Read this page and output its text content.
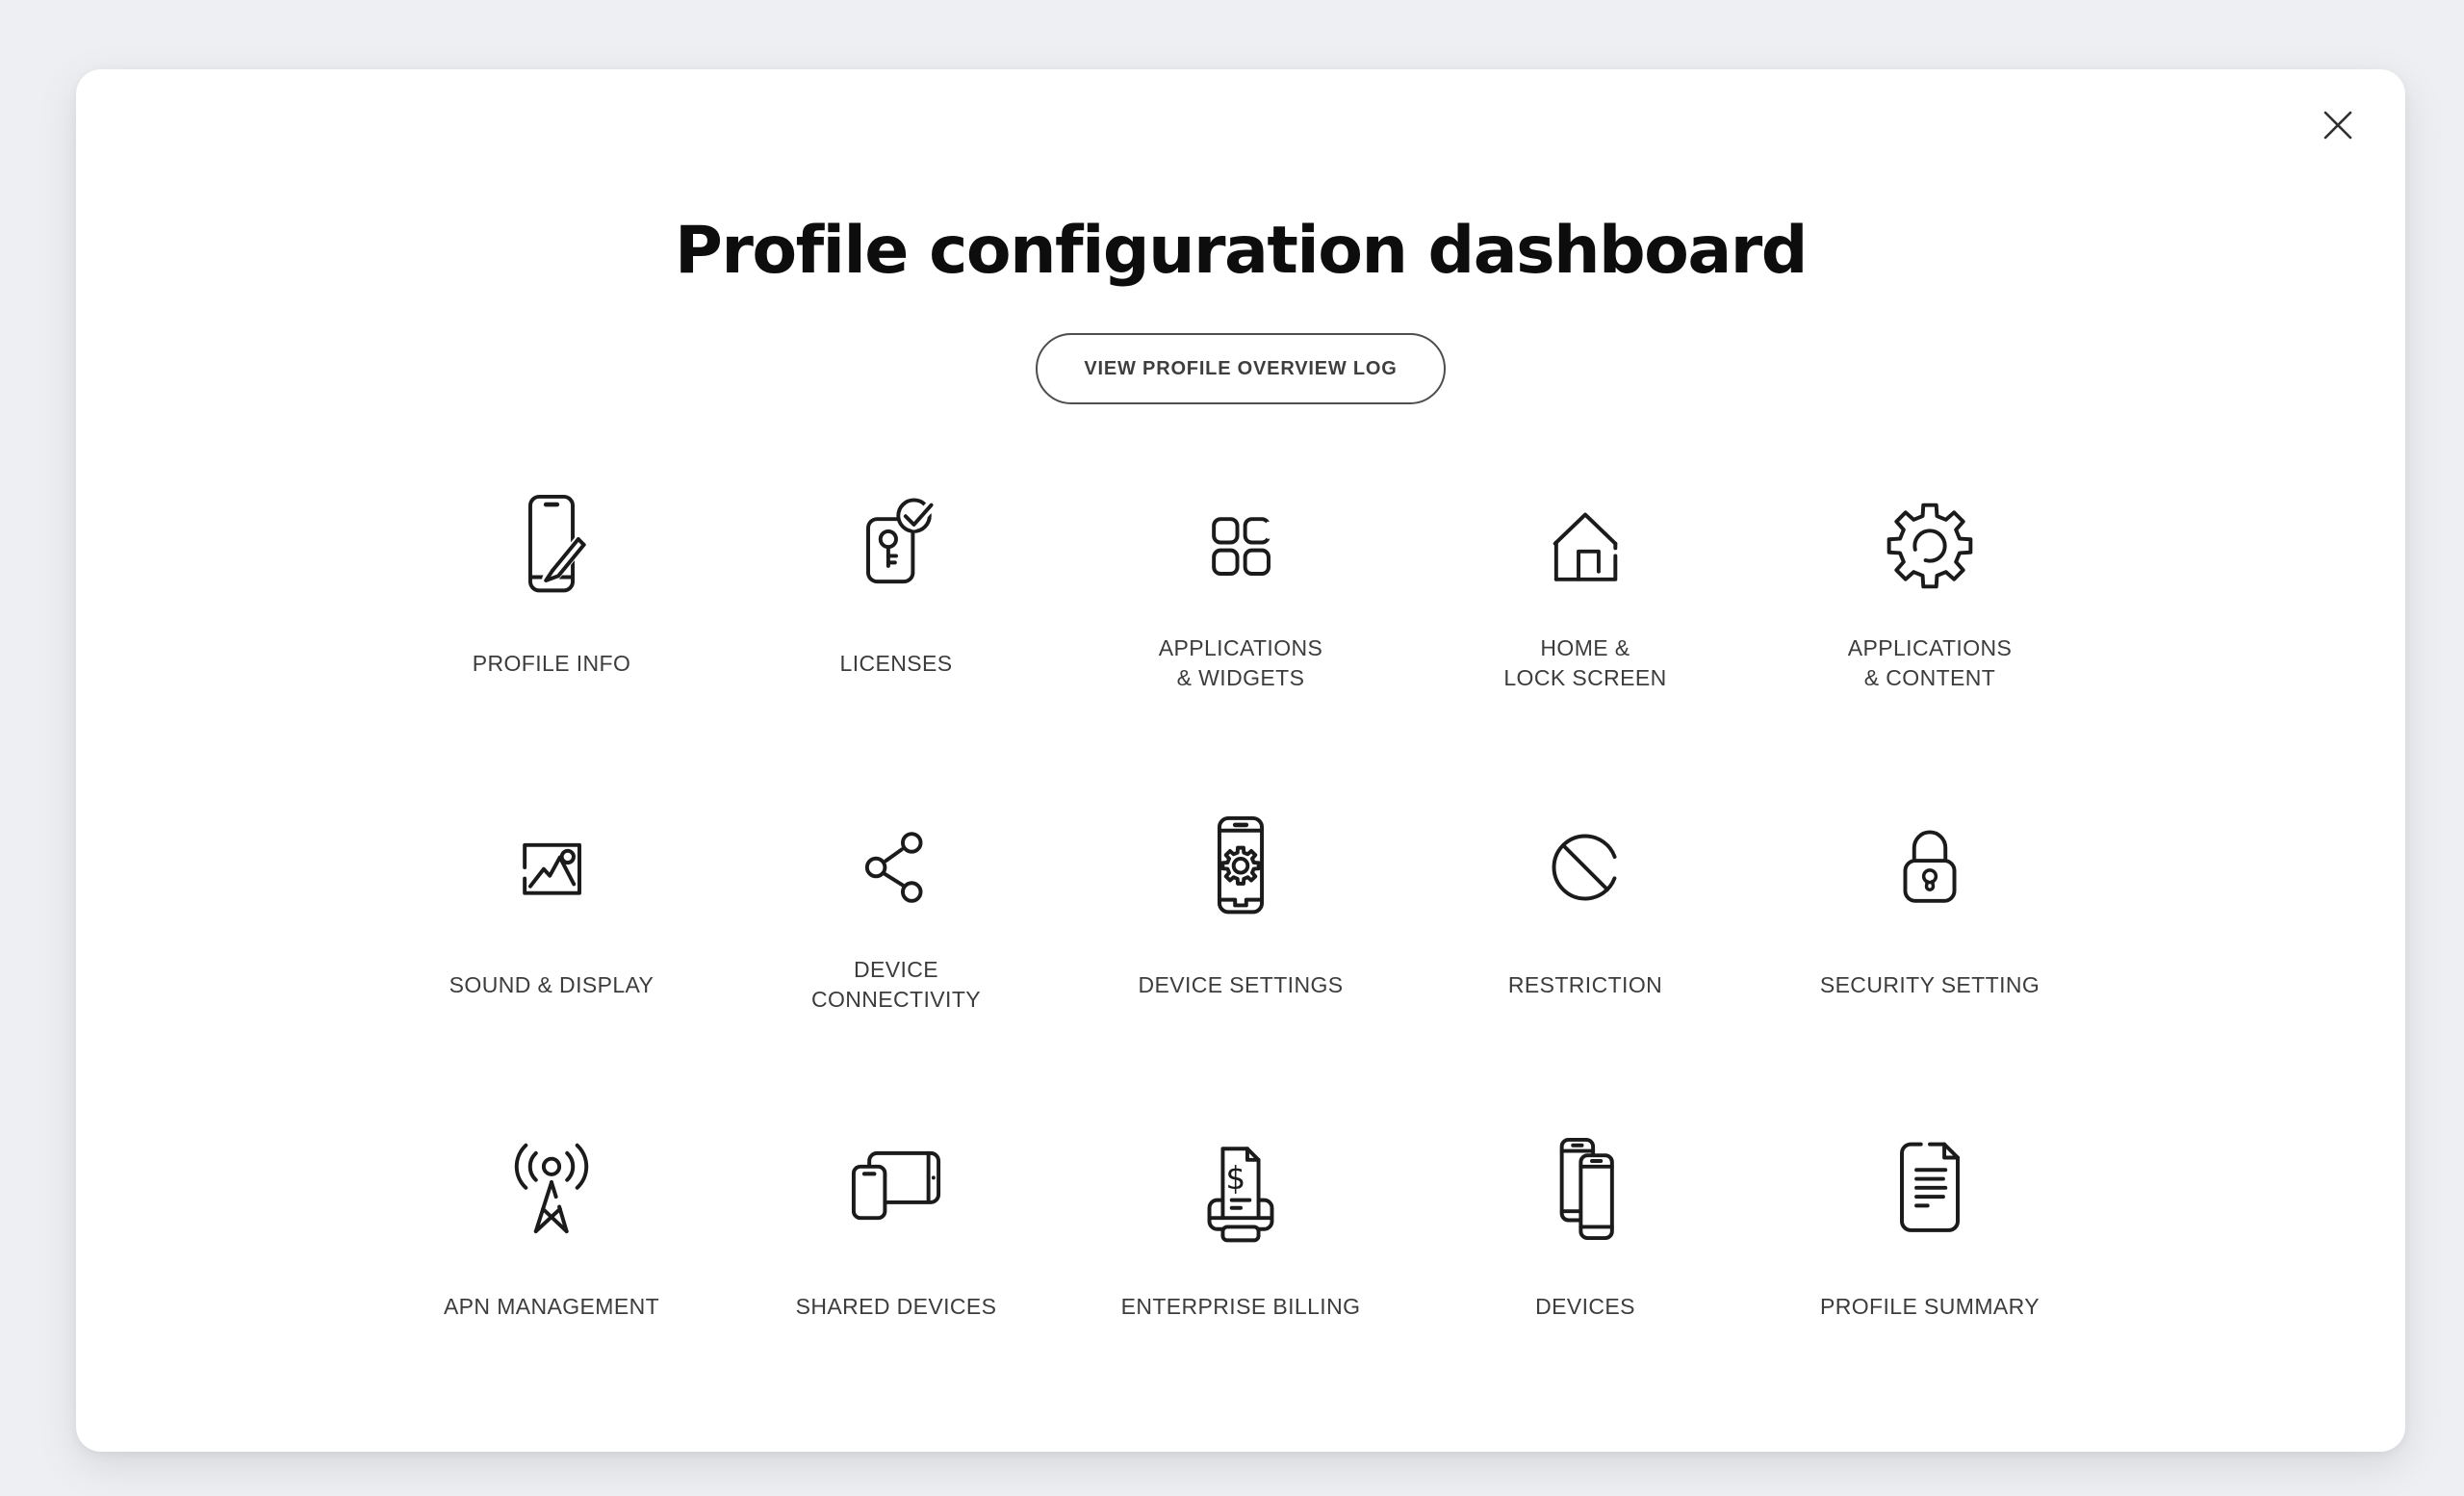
Profile configuration dashboard
VIEW PROFILE OVERVIEW LOG
PROFILE INFO	LICENSES
APPLICATIONS
& WIDGETS
HOME &
LOCK SCREEN
APPLICATIONS
& CONTENT
SOUND & DISPLAY
DEVICE
CONNECTIVITY
DEVICE SETTINGS	RESTRICTION	SECURITY SETTING
APN MANAGEMENT	SHARED DEVICES
$
ENTERPRISE BILLING	DEVICES	PROFILE SUMMARY
